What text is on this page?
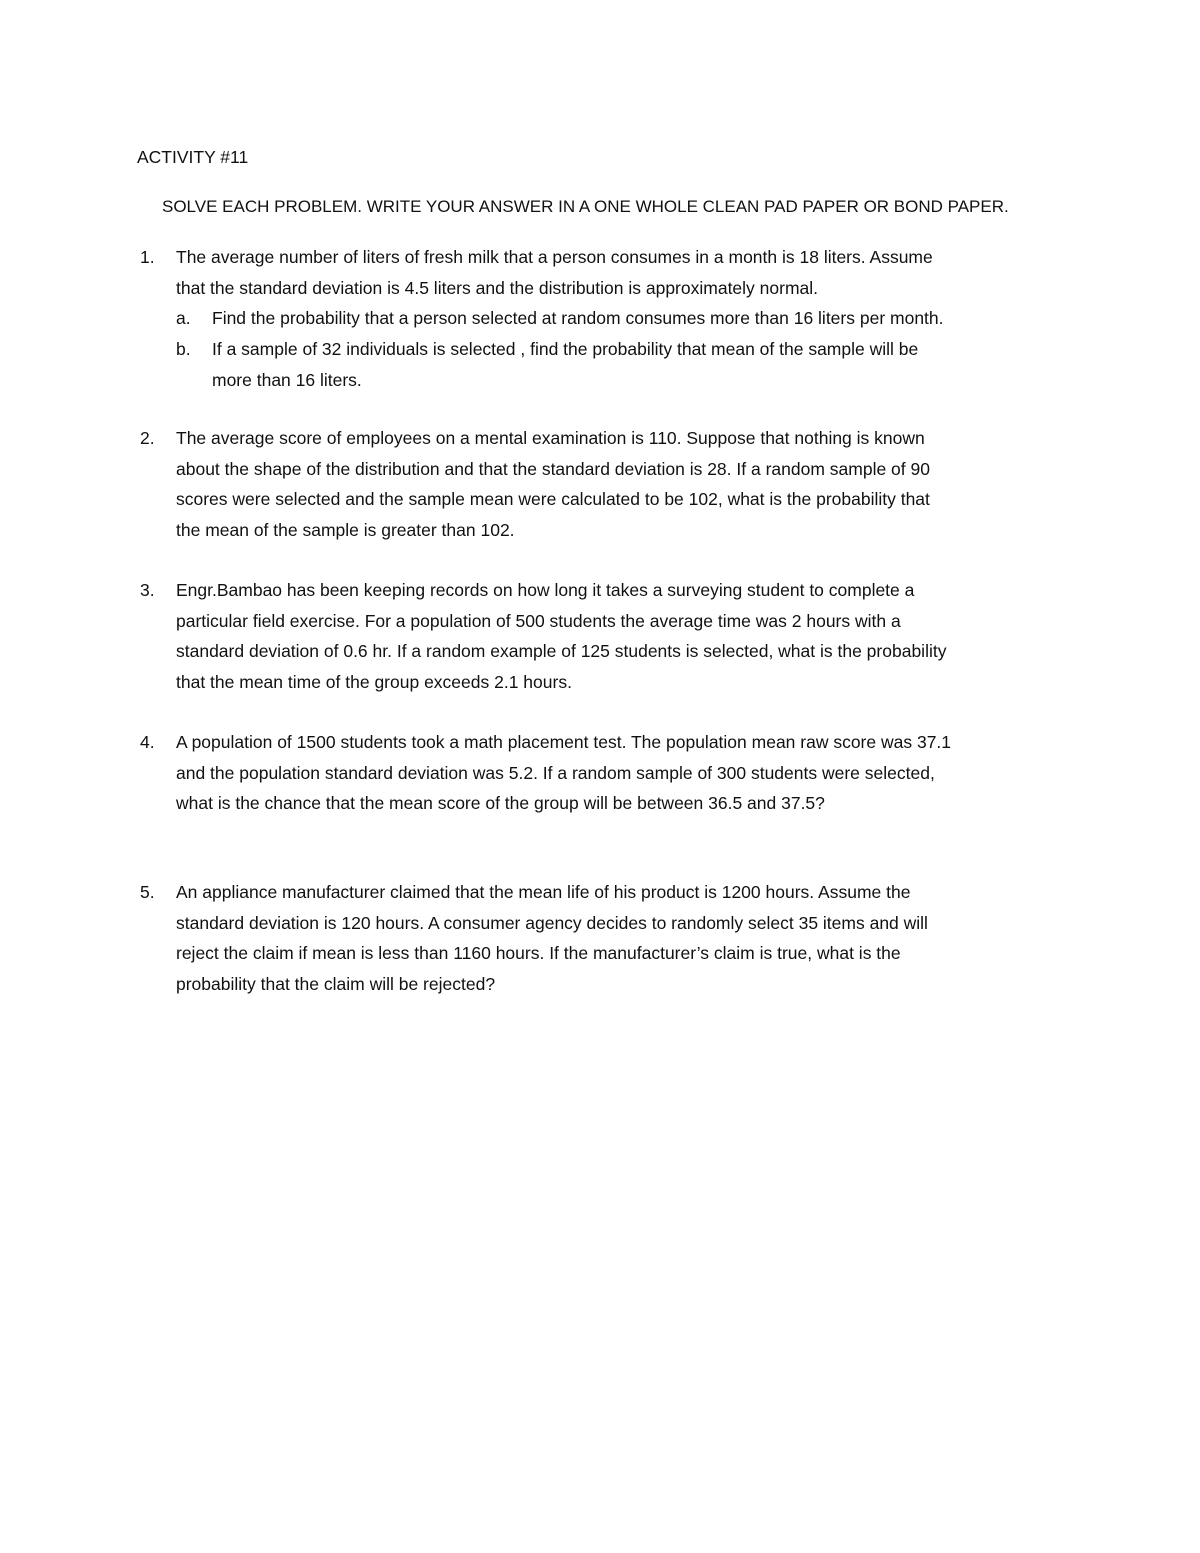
ACTIVITY #11
SOLVE EACH PROBLEM. WRITE YOUR ANSWER IN A ONE WHOLE CLEAN PAD PAPER OR BOND PAPER.
1.	The average number of liters of fresh milk that a person consumes in a month is 18 liters. Assume
that the standard deviation is 4.5 liters and the distribution is approximately normal.
a.	Find the probability that a person selected at random consumes more than 16 liters per month.
b.	If a sample of 32 individuals is selected , find the probability that mean of the sample will be
more than 16 liters.
2.	The average score of employees on a mental examination is 110. Suppose that nothing is known
about the shape of the distribution and that the standard deviation is 28. If a random sample of 90
scores were selected and the sample mean were calculated to be 102, what is the probability that
the mean of the sample is greater than 102.
3.	Engr.Bambao has been keeping records on how long it takes a surveying student to complete a
particular field exercise. For a population of 500 students the average time was 2 hours with a
standard deviation of 0.6 hr. If a random example of 125 students is selected, what is the probability
that the mean time of the group exceeds 2.1 hours.
4.	A population of 1500 students took a math placement test. The population mean raw score was 37.1
and the population standard deviation was 5.2. If a random sample of 300 students were selected,
what is the chance that the mean score of the group will be between 36.5 and 37.5?
5.	An appliance manufacturer claimed that the mean life of his product is 1200 hours. Assume the
standard deviation is 120 hours. A consumer agency decides to randomly select 35 items and will
reject the claim if mean is less than 1160 hours. If the manufacturer’s claim is true, what is the
probability that the claim will be rejected?
